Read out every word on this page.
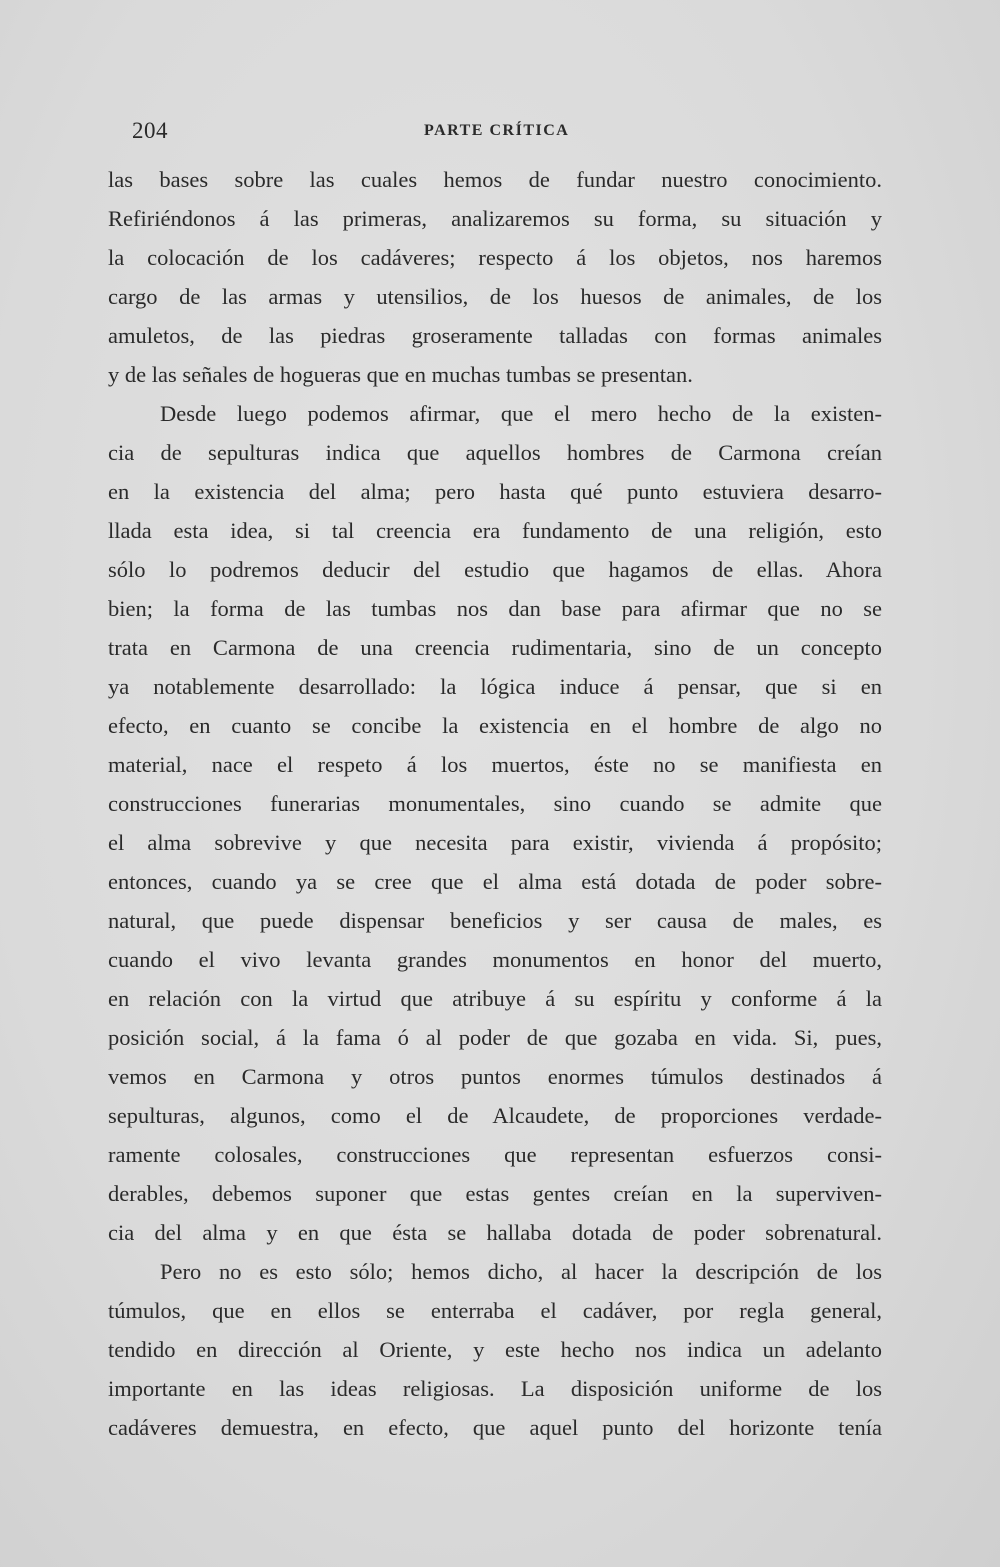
204	PARTE CRÍTICA
las bases sobre las cuales hemos de fundar nuestro conocimiento.
Refiriéndonos á las primeras, analizaremos su forma, su situación y
la colocación de los cadáveres; respecto á los objetos, nos haremos
cargo de las armas y utensilios, de los huesos de animales, de los
amuletos, de las piedras groseramente talladas con formas animales
y de las señales de hogueras que en muchas tumbas se presentan.
Desde luego podemos afirmar, que el mero hecho de la existen-
cia de sepulturas indica que aquellos hombres de Carmona creían
en la existencia del alma; pero hasta qué punto estuviera desarro-
llada esta idea, si tal creencia era fundamento de una religión, esto
sólo lo podremos deducir del estudio que hagamos de ellas. Ahora
bien; la forma de las tumbas nos dan base para afirmar que no se
trata en Carmona de una creencia rudimentaria, sino de un concepto
ya notablemente desarrollado: la lógica induce á pensar, que si en
efecto, en cuanto se concibe la existencia en el hombre de algo no
material, nace el respeto á los muertos, éste no se manifiesta en
construcciones funerarias monumentales, sino cuando se admite que
el alma sobrevive y que necesita para existir, vivienda á propósito;
entonces, cuando ya se cree que el alma está dotada de poder sobre-
natural, que puede dispensar beneficios y ser causa de males, es
cuando el vivo levanta grandes monumentos en honor del muerto,
en relación con la virtud que atribuye á su espíritu y conforme á la
posición social, á la fama ó al poder de que gozaba en vida. Si, pues,
vemos en Carmona y otros puntos enormes túmulos destinados á
sepulturas, algunos, como el de Alcaudete, de proporciones verdade-
ramente colosales, construcciones que representan esfuerzos consi-
derables, debemos suponer que estas gentes creían en la superviven-
cia del alma y en que ésta se hallaba dotada de poder sobrenatural.
Pero no es esto sólo; hemos dicho, al hacer la descripción de los
túmulos, que en ellos se enterraba el cadáver, por regla general,
tendido en dirección al Oriente, y este hecho nos indica un adelanto
importante en las ideas religiosas. La disposición uniforme de los
cadáveres demuestra, en efecto, que aquel punto del horizonte tenía
